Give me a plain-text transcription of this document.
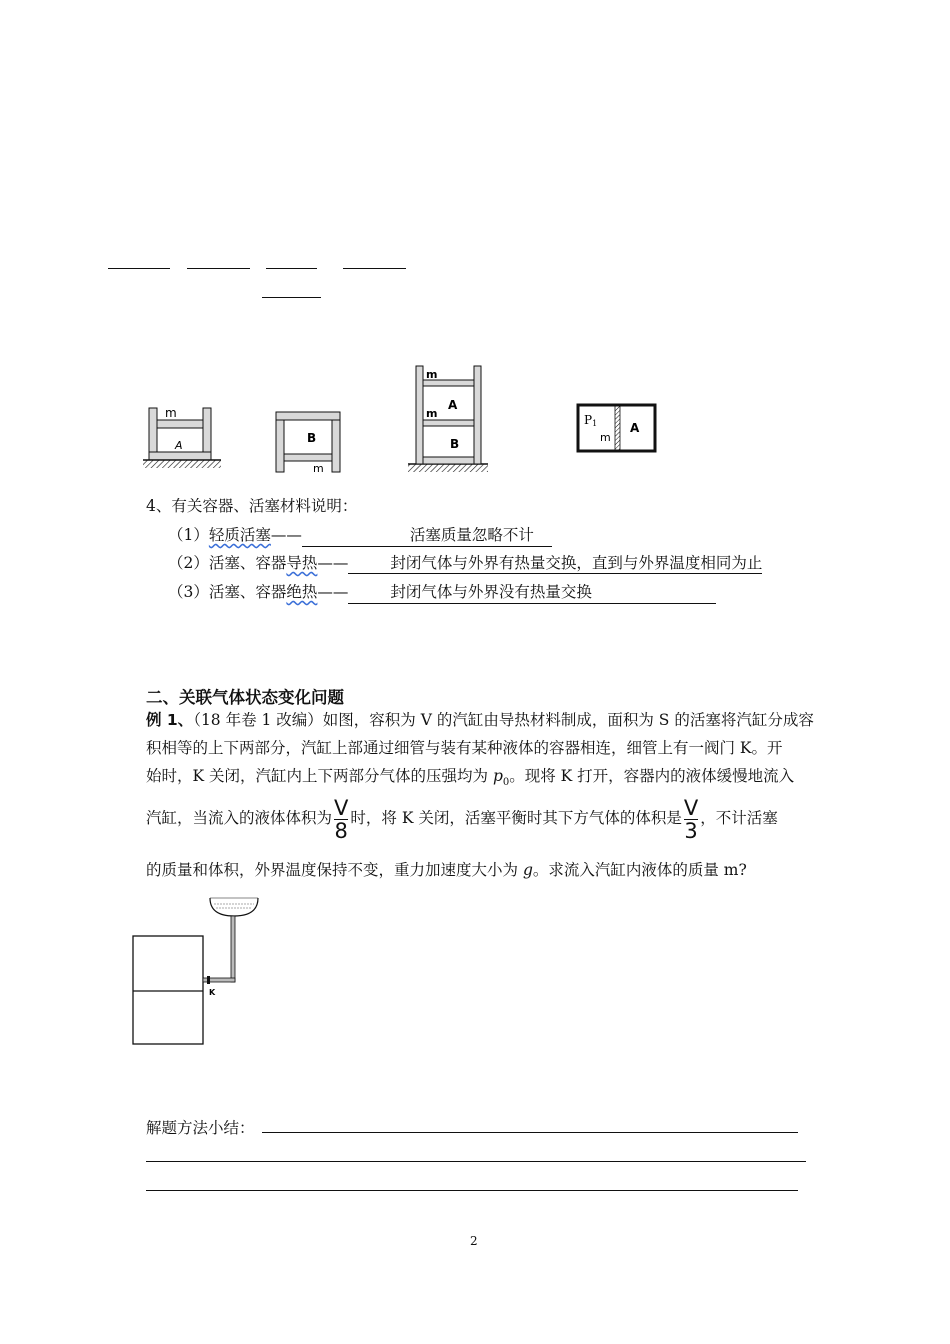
m
A
B
m
m
m
A
B
P1
m
A
4、有关容器、活塞材料说明：
（1）轻质活塞——	活塞质量忽略不计
（2）活塞、容器导热——	封闭气体与外界有热量交换，直到与外界温度相同为止
（3）活塞、容器绝热——	封闭气体与外界没有热量交换
二、关联气体状态变化问题
例 1、（18 年卷 1 改编）如图，容积为 V 的汽缸由导热材料制成，面积为 S 的活塞将汽缸分成容
积相等的上下两部分，汽缸上部通过细管与装有某种液体的容器相连，细管上有一阀门 K。开
始时，K 关闭，汽缸内上下两部分气体的压强均为 $p_0$。现将 K 打开，容器内的液体缓慢地流入
汽缸，当流入的液体体积为$\frac{V}{8}$ 时，将 K 关闭，活塞平衡时其下方气体的体积是$\frac{V}{3}$ ，不计活塞
的质量和体积，外界温度保持不变，重力加速度大小为 g。求流入汽缸内液体的质量 m?
K
解题方法小结：
2
